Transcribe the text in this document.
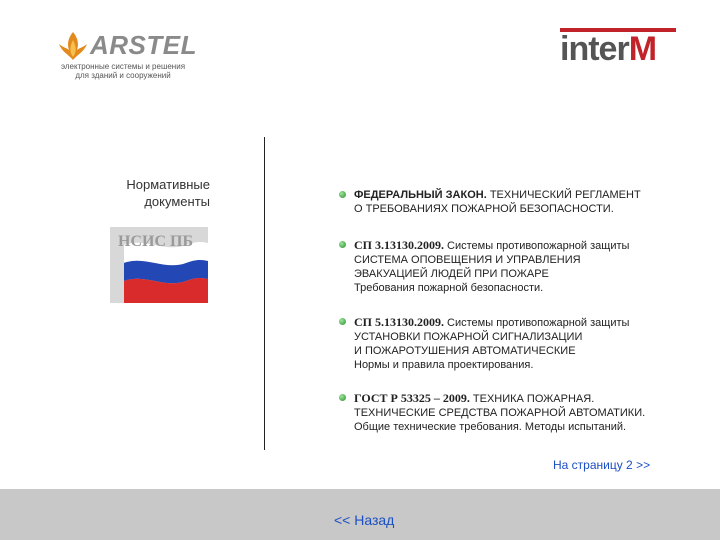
ARSTEL
электронные системы и решения для зданий и сооружений
interM
Нормативные
документы
НСИС ПБ
ФЕДЕРАЛЬНЫЙ ЗАКОН. ТЕХНИЧЕСКИЙ РЕГЛАМЕНТ
О ТРЕБОВАНИЯХ ПОЖАРНОЙ БЕЗОПАСНОСТИ.
СП 3.13130.2009. Системы противопожарной защиты
СИСТЕМА ОПОВЕЩЕНИЯ И УПРАВЛЕНИЯ
ЭВАКУАЦИЕЙ ЛЮДЕЙ ПРИ ПОЖАРЕ
Требования пожарной безопасности.
СП 5.13130.2009. Системы противопожарной защиты
УСТАНОВКИ ПОЖАРНОЙ СИГНАЛИЗАЦИИ
И ПОЖАРОТУШЕНИЯ АВТОМАТИЧЕСКИЕ
Нормы и правила проектирования.
ГОСТ Р 53325 – 2009. ТЕХНИКА ПОЖАРНАЯ.
ТЕХНИЧЕСКИЕ СРЕДСТВА ПОЖАРНОЙ АВТОМАТИКИ.
Общие технические требования. Методы испытаний.
На страницу 2 >>
<< Назад
